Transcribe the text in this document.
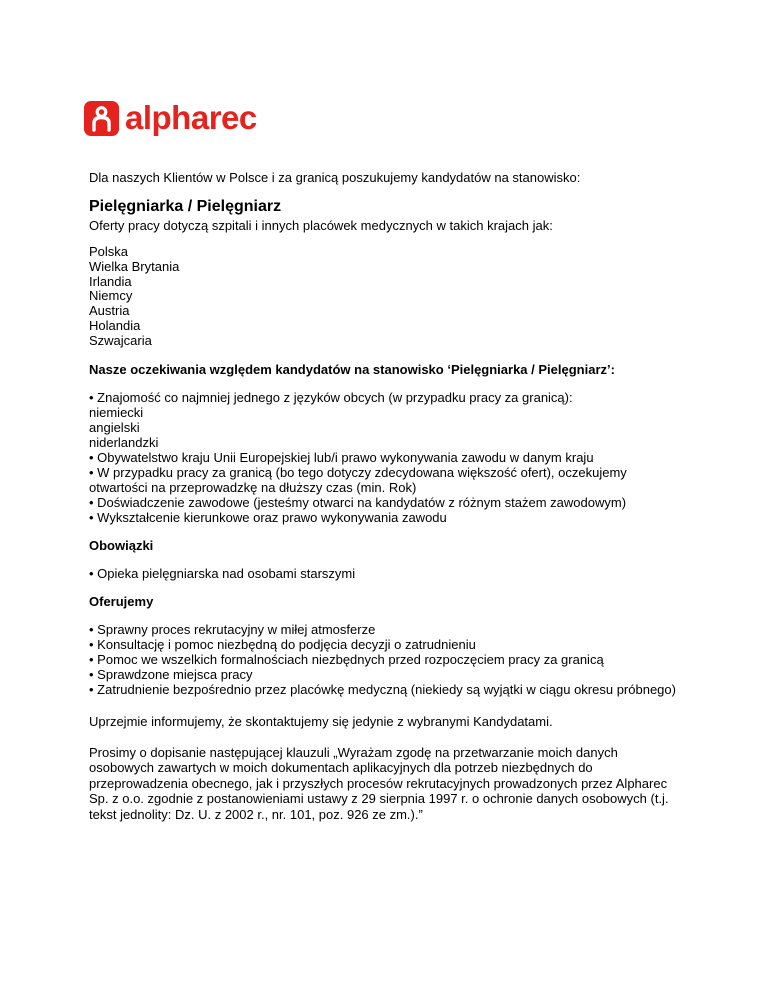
alpharec

Dla naszych Klientów w Polsce i za granicą poszukujemy kandydatów na stanowisko:

Pielęgniarka / Pielęgniarz

Oferty pracy dotyczą szpitali i innych placówek medycznych w takich krajach jak:

Polska
Wielka Brytania
Irlandia
Niemcy
Austria
Holandia
Szwajcaria

Nasze oczekiwania względem kandydatów na stanowisko ‘Pielęgniarka / Pielęgniarz’:

• Znajomość co najmniej jednego z języków obcych (w przypadku pracy za granicą):
niemiecki
angielski
niderlandzki
• Obywatelstwo kraju Unii Europejskiej lub/i prawo wykonywania zawodu w danym kraju
• W przypadku pracy za granicą (bo tego dotyczy zdecydowana większość ofert), oczekujemy
otwartości na przeprowadzkę na dłuższy czas (min. Rok)
• Doświadczenie zawodowe (jesteśmy otwarci na kandydatów z różnym stażem zawodowym)
• Wykształcenie kierunkowe oraz prawo wykonywania zawodu

Obowiązki

• Opieka pielęgniarska nad osobami starszymi

Oferujemy

• Sprawny proces rekrutacyjny w miłej atmosferze
• Konsultację i pomoc niezbędną do podjęcia decyzji o zatrudnieniu
• Pomoc we wszelkich formalnościach niezbędnych przed rozpoczęciem pracy za granicą
• Sprawdzone miejsca pracy
• Zatrudnienie bezpośrednio przez placówkę medyczną (niekiedy są wyjątki w ciągu okresu próbnego)

Uprzejmie informujemy, że skontaktujemy się jedynie z wybranymi Kandydatami.

Prosimy o dopisanie następującej klauzuli „Wyrażam zgodę na przetwarzanie moich danych
osobowych zawartych w moich dokumentach aplikacyjnych dla potrzeb niezbędnych do
przeprowadzenia obecnego, jak i przyszłych procesów rekrutacyjnych prowadzonych przez Alpharec
Sp. z o.o. zgodnie z postanowieniami ustawy z 29 sierpnia 1997 r. o ochronie danych osobowych (t.j.
tekst jednolity: Dz. U. z 2002 r., nr. 101, poz. 926 ze zm.).”
